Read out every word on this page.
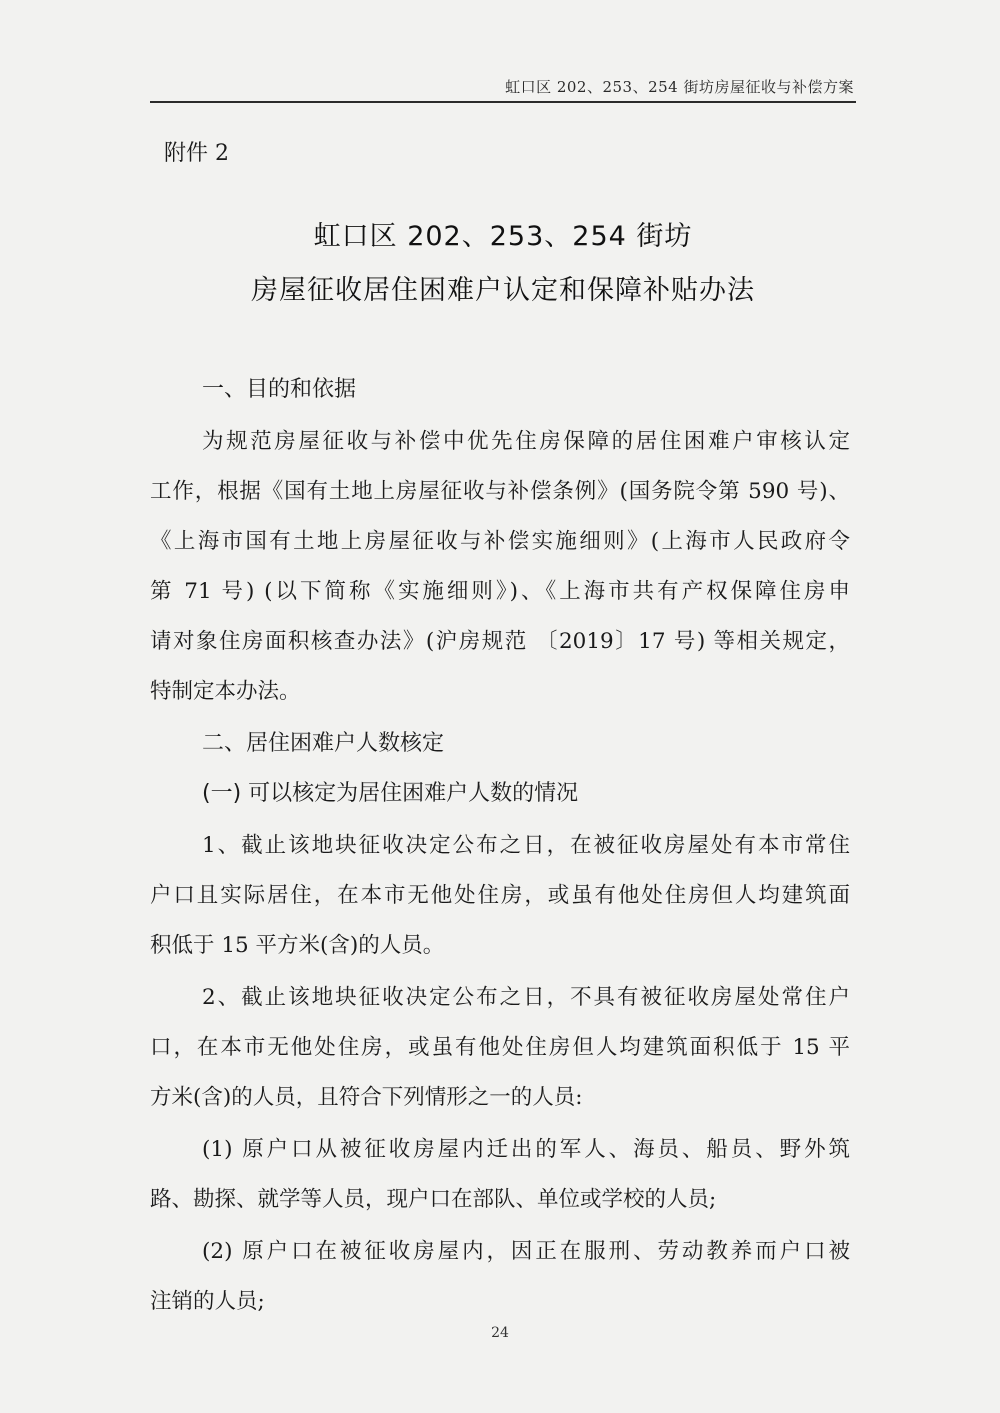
虹口区 202、253、254 街坊房屋征收与补偿方案
附件 2
虹口区 202、253、254 街坊
房屋征收居住困难户认定和保障补贴办法
一、目的和依据
为规范房屋征收与补偿中优先住房保障的居住困难户审核认定
工作，根据《国有土地上房屋征收与补偿条例》(国务院令第 590 号)、
《上海市国有土地上房屋征收与补偿实施细则》(上海市人民政府令
第 71 号) (以下简称《实施细则》)、《上海市共有产权保障住房申
请对象住房面积核查办法》(沪房规范 〔2019〕17 号) 等相关规定，
特制定本办法。
二、居住困难户人数核定
(一) 可以核定为居住困难户人数的情况
1、截止该地块征收决定公布之日，在被征收房屋处有本市常住
户口且实际居住，在本市无他处住房，或虽有他处住房但人均建筑面
积低于 15 平方米(含)的人员。
2、截止该地块征收决定公布之日，不具有被征收房屋处常住户
口，在本市无他处住房，或虽有他处住房但人均建筑面积低于 15 平
方米(含)的人员，且符合下列情形之一的人员:
(1) 原户口从被征收房屋内迁出的军人、海员、船员、野外筑
路、勘探、就学等人员，现户口在部队、单位或学校的人员;
(2) 原户口在被征收房屋内，因正在服刑、劳动教养而户口被
注销的人员;
24
